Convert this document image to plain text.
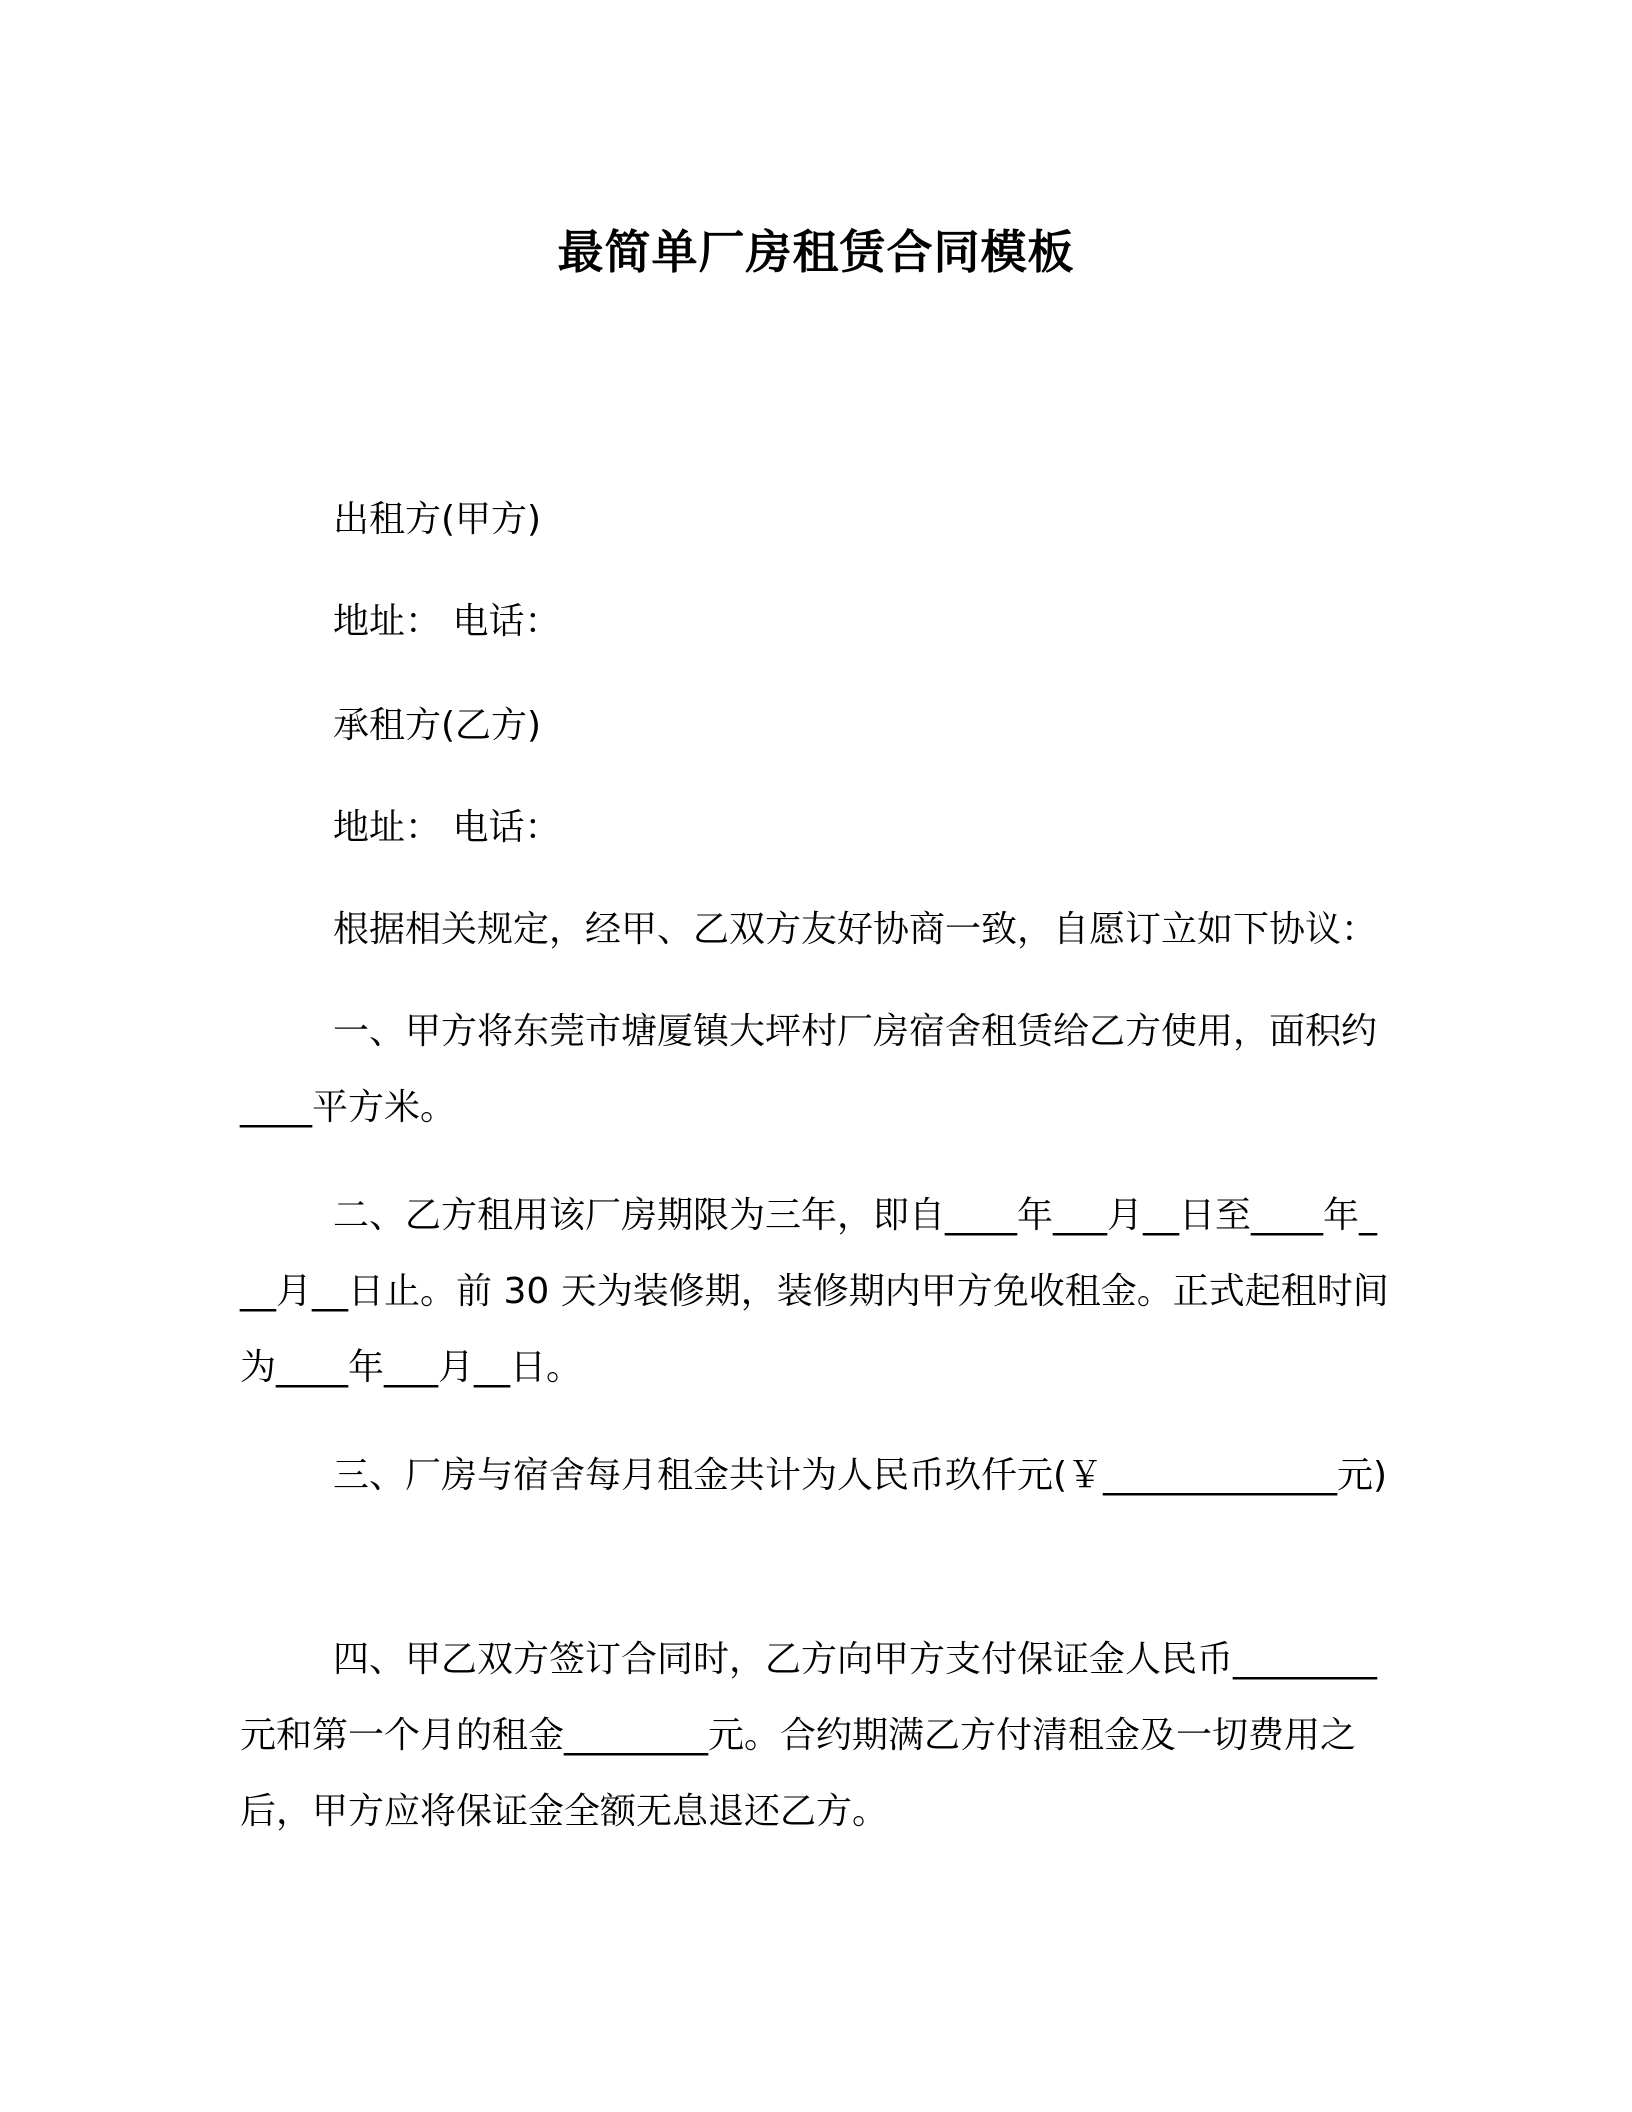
最简单厂房租赁合同模板
出租方(甲方)
地址： 电话：
承租方(乙方)
地址： 电话：
根据相关规定，经甲、乙双方友好协商一致，自愿订立如下协议：
一、甲方将东莞市塘厦镇大坪村厂房宿舍租赁给乙方使用，面积约____平方米。
二、乙方租用该厂房期限为三年，即自____年___月__日至____年___月__日止。前 30 天为装修期，装修期内甲方免收租金。正式起租时间为____年___月__日。
三、厂房与宿舍每月租金共计为人民币玖仟元(￥_____________元)
四、甲乙双方签订合同时，乙方向甲方支付保证金人民币________元和第一个月的租金________元。合约期满乙方付清租金及一切费用之后，甲方应将保证金全额无息退还乙方。
